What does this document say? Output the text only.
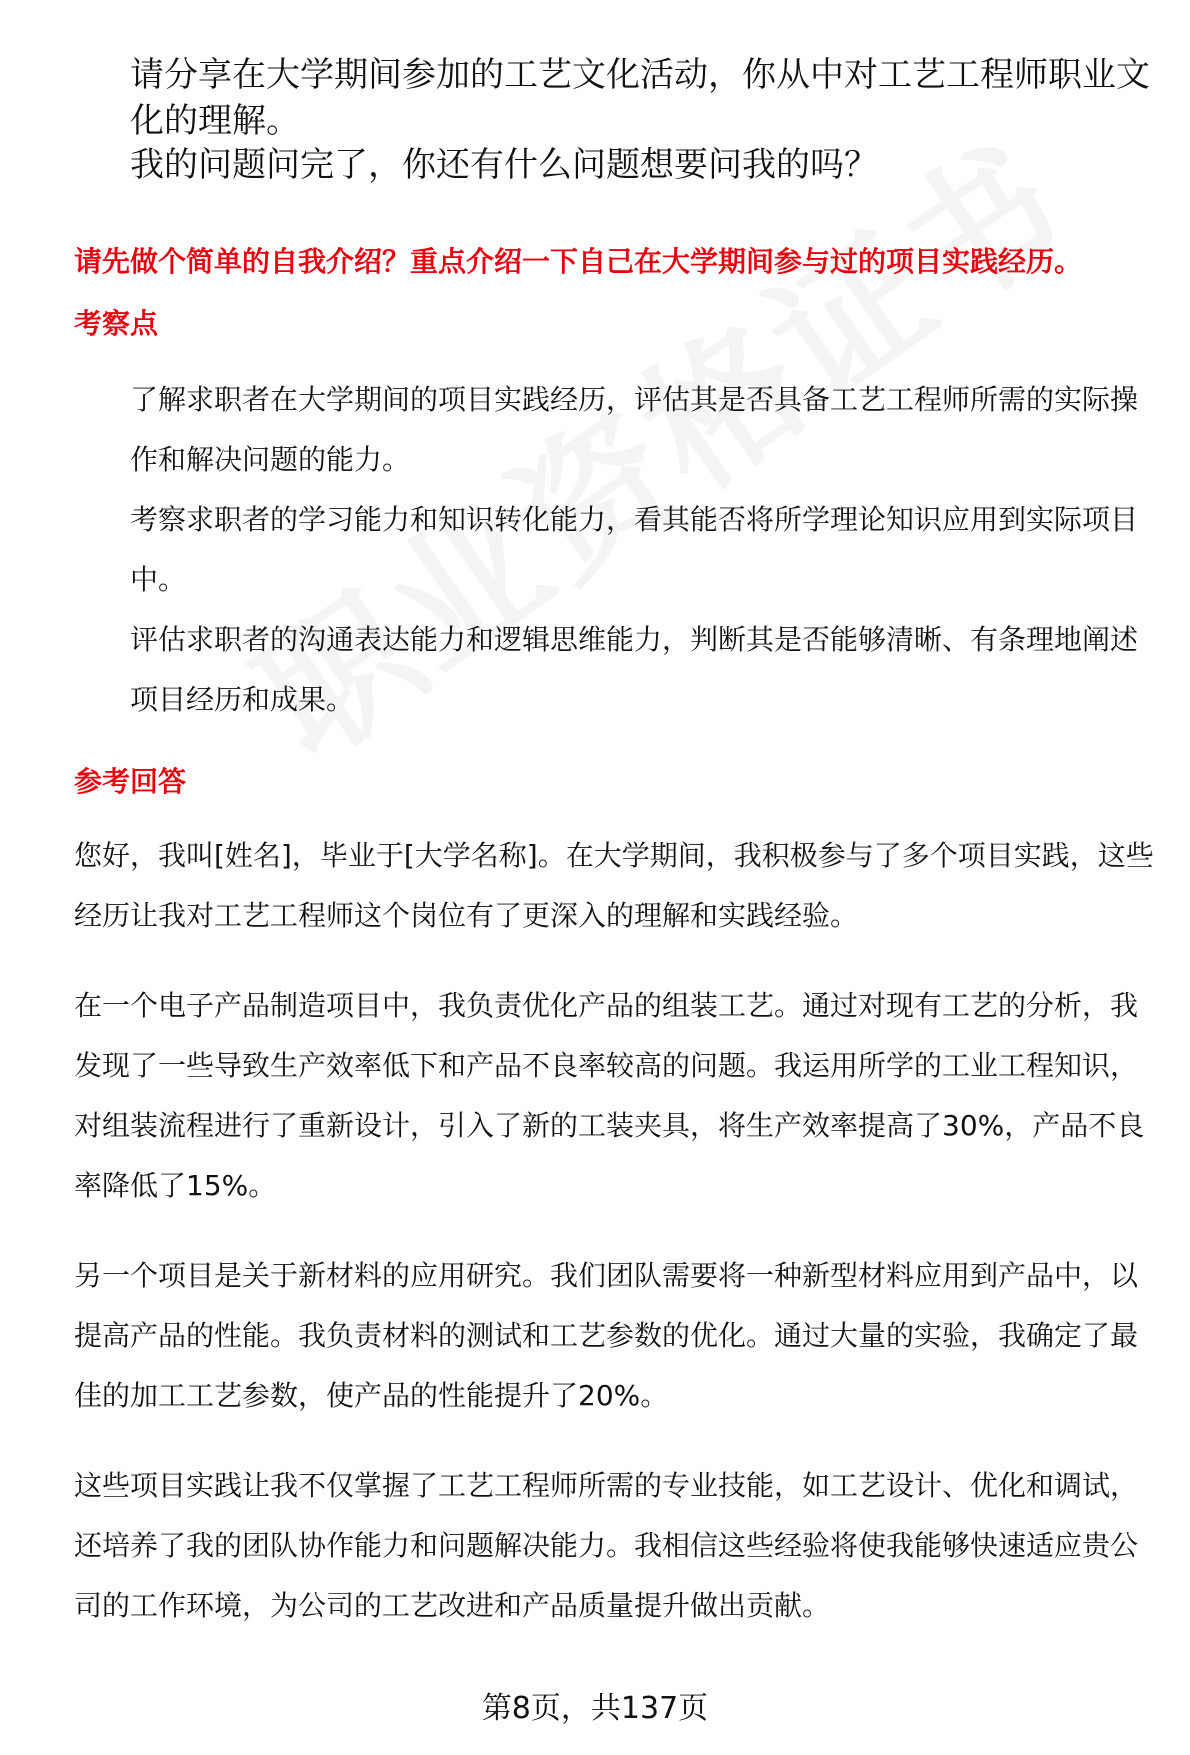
请分享在大学期间参加的工艺文化活动，你从中对工艺工程师职业文化的理解。
我的问题问完了，你还有什么问题想要问我的吗？
请先做个简单的自我介绍？重点介绍一下自己在大学期间参与过的项目实践经历。
考察点
了解求职者在大学期间的项目实践经历，评估其是否具备工艺工程师所需的实际操作和解决问题的能力。
考察求职者的学习能力和知识转化能力，看其能否将所学理论知识应用到实际项目中。
评估求职者的沟通表达能力和逻辑思维能力，判断其是否能够清晰、有条理地阐述项目经历和成果。
参考回答
您好，我叫[姓名]，毕业于[大学名称]。在大学期间，我积极参与了多个项目实践，这些经历让我对工艺工程师这个岗位有了更深入的理解和实践经验。
在一个电子产品制造项目中，我负责优化产品的组装工艺。通过对现有工艺的分析，我发现了一些导致生产效率低下和产品不良率较高的问题。我运用所学的工业工程知识，对组装流程进行了重新设计，引入了新的工装夹具，将生产效率提高了30%，产品不良率降低了15%。
另一个项目是关于新材料的应用研究。我们团队需要将一种新型材料应用到产品中，以提高产品的性能。我负责材料的测试和工艺参数的优化。通过大量的实验，我确定了最佳的加工工艺参数，使产品的性能提升了20%。
这些项目实践让我不仅掌握了工艺工程师所需的专业技能，如工艺设计、优化和调试，还培养了我的团队协作能力和问题解决能力。我相信这些经验将使我能够快速适应贵公司的工作环境，为公司的工艺改进和产品质量提升做出贡献。
第8页，共137页
